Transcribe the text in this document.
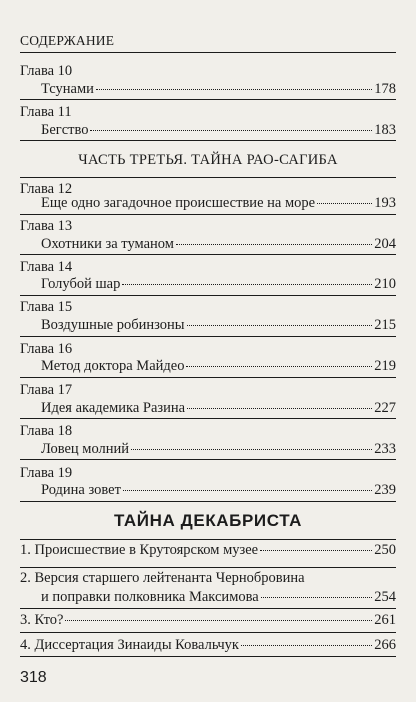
СОДЕРЖАНИЕ
Глава 10
Тсунами	178
Глава 11
Бегство	183
ЧАСТЬ ТРЕТЬЯ. ТАЙНА РАО-САГИБА
Глава 12
Еще одно загадочное происшествие на море	193
Глава 13
Охотники за туманом	204
Глава 14
Голубой шар	210
Глава 15
Воздушные робинзоны	215
Глава 16
Метод доктора Майдео	219
Глава 17
Идея академика Разина	227
Глава 18
Ловец молний	233
Глава 19
Родина зовет	239
ТАЙНА ДЕКАБРИСТА
1. Происшествие в Крутоярском музее	250
2. Версия старшего лейтенанта Чернобровина
и поправки полковника Максимова	254
3. Кто?	261
4. Диссертация Зинаиды Ковальчук	266
318
